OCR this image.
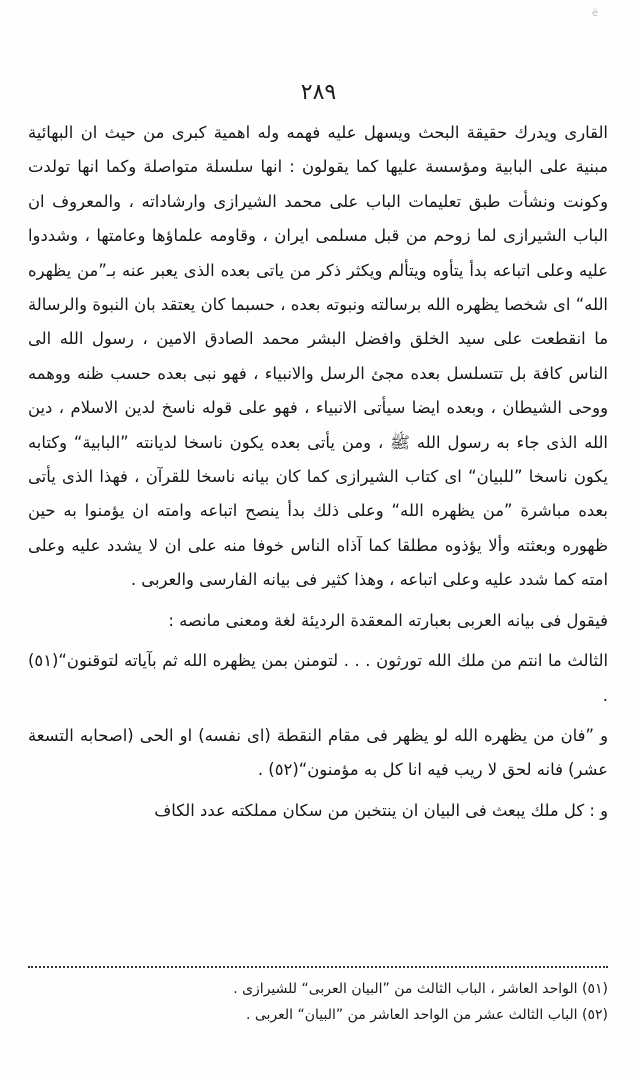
ë
٢٨٩

القارى ويدرك حقيقة البحث ويسهل عليه فهمه وله اهمية كبرى من حيث ان البهائية مبنية على البابية ومؤسسة عليها كما يقولون : انها سلسلة متواصلة وكما انها تولدت وكونت ونشأت طبق تعليمات الباب على محمد الشيرازى وارشاداته ، والمعروف ان الباب الشيرازى لما زوحم من قبل مسلمى ايران ، وقاومه علماؤها وعامتها ، وشددوا عليه وعلى اتباعه بدأ يتأوه ويتألم ويكثر ذكر من ياتى بعده الذى يعبر عنه بـ”من يظهره الله“ اى شخصا يظهره الله برسالته ونبوته بعده ، حسبما كان يعتقد بان النبوة والرسالة ما انقطعت على سيد الخلق وافضل البشر محمد الصادق الامين ، رسول الله الى الناس كافة بل تتسلسل بعده مجئ الرسل والانبياء ، فهو نبى بعده حسب ظنه ووهمه ووحى الشيطان ، وبعده ايضا سيأتى الانبياء ، فهو على قوله ناسخ لدين الاسلام ، دين الله الذى جاء به رسول الله ﷺ ، ومن يأتى بعده يكون ناسخا لديانته ”البابية“ وكتابه يكون ناسخا ”للبيان“ اى كتاب الشيرازى كما كان بيانه ناسخا للقرآن ، فهذا الذى يأتى بعده مباشرة ”من يظهره الله“ وعلى ذلك بدأ ينصح اتباعه وامته ان يؤمنوا به حين ظهوره وبعثته وألا يؤذوه مطلقا كما آذاه الناس خوفا منه على ان لا يشدد عليه وعلى امته كما شدد عليه وعلى اتباعه ، وهذا كثير فى بيانه الفارسى والعربى .

فيقول فى بيانه العربى بعبارته المعقدة الرديئة لغة ومعنى مانصه :

الثالث ما انتم من ملك الله تورثون . . . لتومنن بمن يظهره الله ثم بآياته لتوقنون“(٥١) .

و ”فان من يظهره الله لو يظهر فى مقام النقطة (اى نفسه) او الحى (اصحابه التسعة عشر) فانه لحق لا ريب فيه انا كل به مؤمنون“(٥٢) .

و : كل ملك يبعث فى البيان ان ينتخبن من سكان مملكته عدد الكاف

(٥١) الواحد العاشر ، الباب الثالث من ”البيان العربى“ للشيرازى .

(٥٢) الباب الثالث عشر من الواحد العاشر من ”البيان“ العربى .
